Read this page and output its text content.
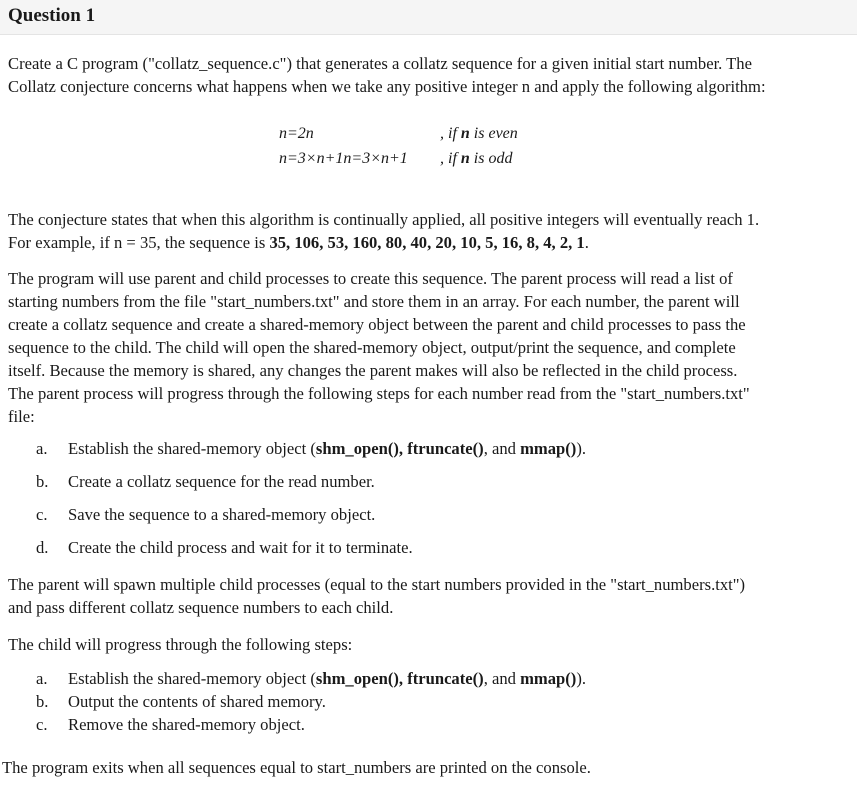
Question 1
Create a C program ("collatz_sequence.c") that generates a collatz sequence for a given initial start number. The
Collatz conjecture concerns what happens when we take any positive integer n and apply the following algorithm:
n=2n	, if n is even
n=3×n+1n=3×n+1 , if n is odd
The conjecture states that when this algorithm is continually applied, all positive integers will eventually reach 1.
For example, if n = 35, the sequence is 35, 106, 53, 160, 80, 40, 20, 10, 5, 16, 8, 4, 2, 1.
The program will use parent and child processes to create this sequence. The parent process will read a list of
starting numbers from the file "start_numbers.txt" and store them in an array. For each number, the parent will
create a collatz sequence and create a shared-memory object between the parent and child processes to pass the
sequence to the child. The child will open the shared-memory object, output/print the sequence, and complete
itself. Because the memory is shared, any changes the parent makes will also be reflected in the child process.
The parent process will progress through the following steps for each number read from the "start_numbers.txt"
file:
a. Establish the shared-memory object (shm_open(), ftruncate(), and mmap()).
b. Create a collatz sequence for the read number.
c. Save the sequence to a shared-memory object.
d. Create the child process and wait for it to terminate.
The parent will spawn multiple child processes (equal to the start numbers provided in the "start_numbers.txt")
and pass different collatz sequence numbers to each child.
The child will progress through the following steps:
a. Establish the shared-memory object (shm_open(), ftruncate(), and mmap()).
b. Output the contents of shared memory.
c. Remove the shared-memory object.
The program exits when all sequences equal to start_numbers are printed on the console.
